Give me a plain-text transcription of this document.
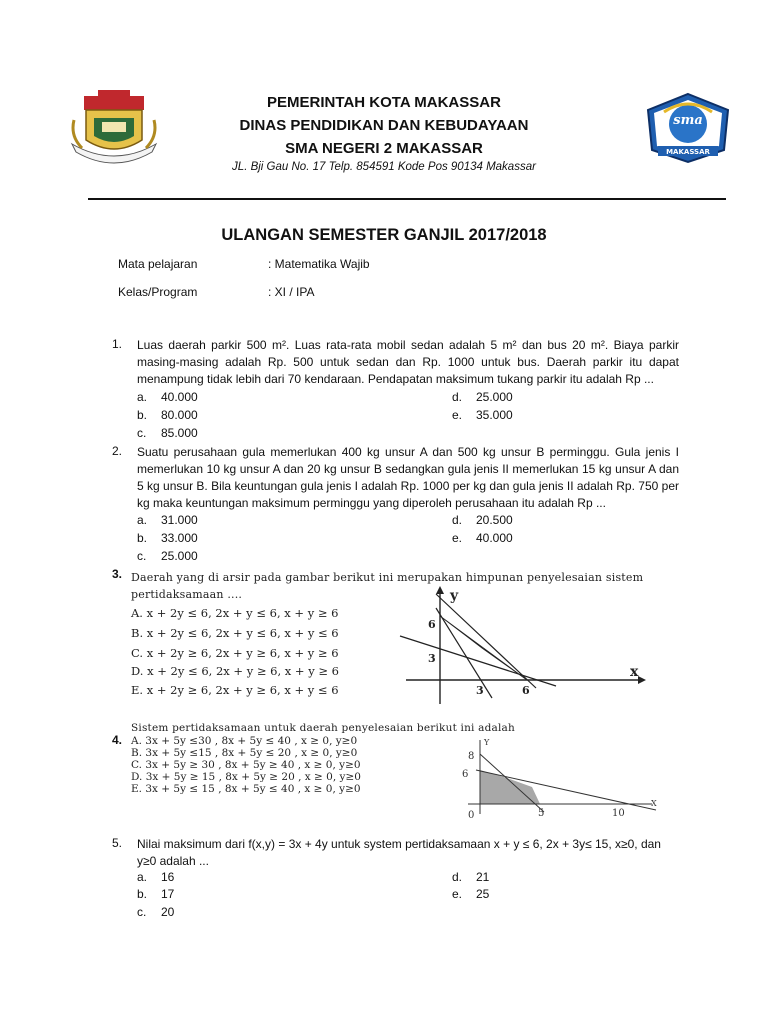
PEMERINTAH KOTA MAKASSAR
DINAS PENDIDIKAN DAN KEBUDAYAAN
SMA NEGERI 2 MAKASSAR
JL. Bji Gau No. 17 Telp. 854591 Kode Pos 90134 Makassar
sma
MAKASSAR
ULANGAN SEMESTER GANJIL 2017/2018
Mata pelajaran	: Matematika Wajib
Kelas/Program	: XI / IPA
1. Luas daerah parkir 500 m². Luas rata-rata mobil sedan adalah 5 m² dan bus 20 m². Biaya parkir masing-masing adalah Rp. 500 untuk sedan dan Rp. 1000 untuk bus. Daerah parkir itu dapat menampung tidak lebih dari 70 kendaraan. Pendapatan maksimum tukang parkir itu adalah Rp ...
a. 40.000
b. 80.000
c. 85.000
d. 25.000
e. 35.000
2. Suatu perusahaan gula memerlukan 400 kg unsur A dan 500 kg unsur B perminggu. Gula jenis I memerlukan 10 kg unsur A dan 20 kg unsur B sedangkan gula jenis II memerlukan 15 kg unsur A dan 5 kg unsur B. Bila keuntungan gula jenis I adalah Rp. 1000 per kg dan gula jenis II adalah Rp. 750 per kg maka keuntungan maksimum perminggu yang diperoleh perusahaan itu adalah Rp ...
a. 31.000
b. 33.000
c. 25.000
d. 20.500
e. 40.000
3. Daerah yang di arsir pada gambar berikut ini merupakan himpunan penyelesaian sistem
pertidaksamaan ....
A. x + 2y ≤ 6, 2x + y ≤ 6, x + y ≥ 6
B. x + 2y ≤ 6, 2x + y ≤ 6, x + y ≤ 6
C. x + 2y ≥ 6, 2x + y ≥ 6, x + y ≥ 6
D. x + 2y ≤ 6, 2x + y ≥ 6, x + y ≥ 6
E. x + 2y ≥ 6, 2x + y ≥ 6, x + y ≤ 6
y
x
6
3
3	6
4.
Sistem pertidaksamaan untuk daerah penyelesaian berikut ini adalah
A. 3x + 5y ≤30 , 8x + 5y ≤ 40 , x ≥ 0, y≥0
B. 3x + 5y ≤15 , 8x + 5y ≤ 20 , x ≥ 0, y≥0
C. 3x + 5y ≥ 30 , 8x + 5y ≥ 40 , x ≥ 0, y≥0
D. 3x + 5y ≥ 15 , 8x + 5y ≥ 20 , x ≥ 0, y≥0
E. 3x + 5y ≤ 15 , 8x + 5y ≤ 40 , x ≥ 0, y≥0
Y
X
8
6
0	5	10
5. Nilai maksimum dari f(x,y) = 3x + 4y untuk system pertidaksamaan x + y ≤ 6, 2x + 3y≤ 15, x≥0, dan y≥0 adalah ...
a. 16
b. 17
c. 20
d. 21
e. 25
